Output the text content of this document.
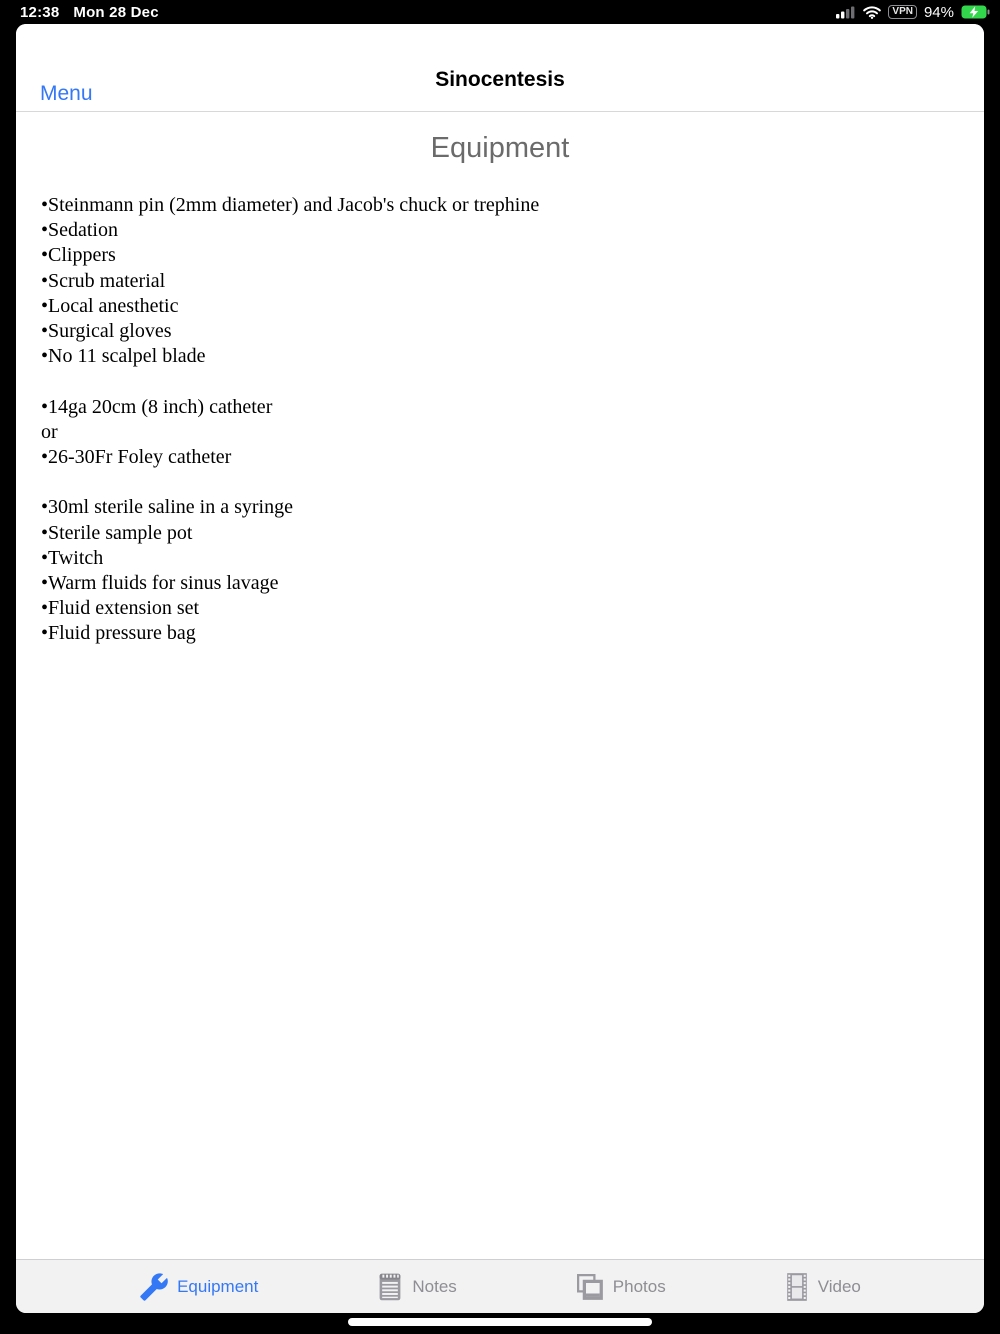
12:38 Mon 28 Dec	VPN 94%
Menu
Sinocentesis
Equipment
•Steinmann pin (2mm diameter) and Jacob's chuck or trephine
•Sedation
•Clippers
•Scrub material
•Local anesthetic
•Surgical gloves
•No 11 scalpel blade

•14ga 20cm (8 inch) catheter
or
•26-30Fr Foley catheter

•30ml sterile saline in a syringe
•Sterile sample pot
•Twitch
•Warm fluids for sinus lavage
•Fluid extension set
•Fluid pressure bag
Equipment	Notes	Photos	Video
